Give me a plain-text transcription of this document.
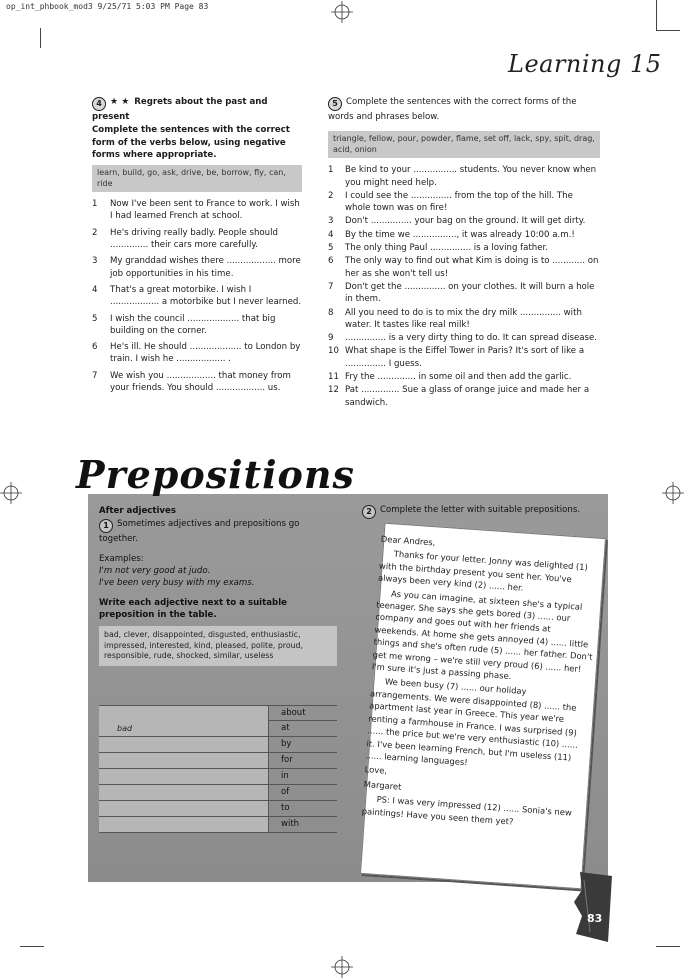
op_int_phbook_mod3 9/25/71 5:03 PM Page 83
Learning 15
4 ★ ★ Regrets about the past and present
Complete the sentences with the correct form of the verbs below, using negative forms where appropriate.
learn, build, go, ask, drive, be, borrow, fly, can, ride
1 Now I've been sent to France to work. I wish I had learned French at school.
2 He's driving really badly. People should .............. their cars more carefully.
3 My granddad wishes there .................. more job opportunities in his time.
4 That's a great motorbike. I wish I .................. a motorbike but I never learned.
5 I wish the council ................... that big building on the corner.
6 He's ill. He should ................... to London by train. I wish he .................. .
7 We wish you .................. that money from your friends. You should .................. us.
5 Complete the sentences with the correct forms of the words and phrases below.
triangle, fellow, pour, powder, flame, set off, lack, spy, spit, drag, acid, onion
1 Be kind to your ................ students. You never know when you might need help.
2 I could see the ............... from the top of the hill. The whole town was on fire!
3 Don't ............... your bag on the ground. It will get dirty.
4 By the time we ................, it was already 10:00 a.m.!
5 The only thing Paul ............... is a loving father.
6 The only way to find out what Kim is doing is to ............ on her as she won't tell us!
7 Don't get the ............... on your clothes. It will burn a hole in them.
8 All you need to do is to mix the dry milk ............... with water. It tastes like real milk!
9 ............... is a very dirty thing to do. It can spread disease.
10 What shape is the Eiffel Tower in Paris? It's sort of like a ............... I guess.
11 Fry the .............. in some oil and then add the garlic.
12 Pat .............. Sue a glass of orange juice and made her a sandwich.
Prepositions
After adjectives
1 Sometimes adjectives and prepositions go together.
Examples:
I'm not very good at judo.
I've been very busy with my exams.
Write each adjective next to a suitable preposition in the table.
bad, clever, disappointed, disgusted, enthusiastic, impressed, interested, kind, pleased, polite, proud, responsible, rude, shocked, similar, useless
about
bad	at
by
for
in
of
to
with
2 Complete the letter with suitable prepositions.

Dear Andres,

Thanks for your letter. Jonny was delighted (1) with the birthday present you sent her. You've always been very kind (2) ...... her.

As you can imagine, at sixteen she's a typical teenager. She says she gets bored (3) ...... our company and goes out with her friends at weekends. At home she gets annoyed (4) ...... little things and she's often rude (5) ...... her father. Don't get me wrong – we're still very proud (6) ...... her! I'm sure it's just a passing phase.

We been busy (7) ...... our holiday arrangements. We were disappointed (8) ...... the apartment last year in Greece. This year we're renting a farmhouse in France. I was surprised (9) ...... the price but we're very enthusiastic (10) ...... it. I've been learning French, but I'm useless (11) ...... learning languages!

Love,

Margaret

PS: I was very impressed (12) ...... Sonia's new paintings! Have you seen them yet?

83
